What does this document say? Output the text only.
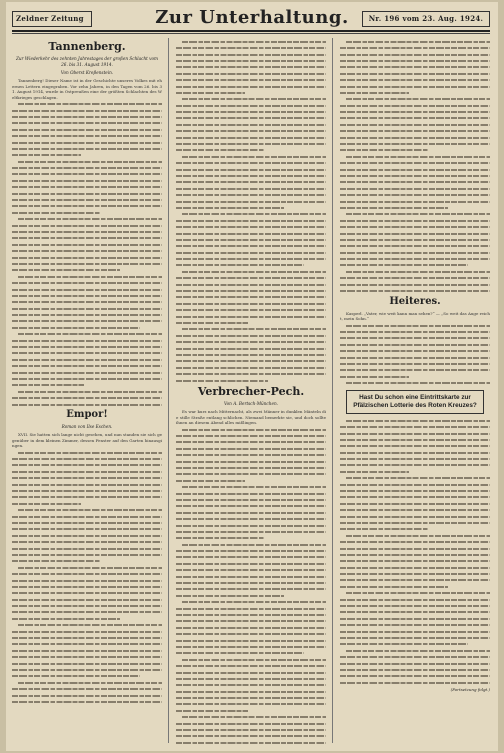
Zeldner Zeitung	Zur Unterhaltung.	Nr. 196 vom 23. Aug. 1924.
Tannenberg.
Zur Wiederkehr des zehnten Jahrestages der großen Schlacht vom 26. bis 31. August 1914.
Von Oberst Kreßenstein.

Tannenberg! Dieser Name ist in der Geschichte unseres Volkes mit ehernen Lettern eingegraben. Vor zehn Jahren, in den Tagen vom 26. bis 31. August 1914, wurde in Ostpreußen eine der größten Schlachten des Weltkrieges geschlagen.

Empor!
Roman von Ilse Eschen.

XVII. Sie hatten sich lange nicht gesehen, und nun standen sie sich gegenüber in dem kleinen Zimmer, dessen Fenster auf den Garten hinausgingen.

Verbrecher-Pech.
Von A. Bertsch-München.

Es war kurz nach Mitternacht, als zwei Männer in dunklen Mänteln die stille Straße entlang schlichen. Niemand bemerkte sie, und doch sollte ihnen an diesem Abend alles mißlingen.

Heiteres.

Kasperl. „Vater, wie weit kann man sehen?“ — „So weit das Auge reicht, mein Sohn.“

Hast Du schon eine Eintrittskarte zur Pfälzischen Lotterie des Roten Kreuzes?
(Fortsetzung folgt.)
